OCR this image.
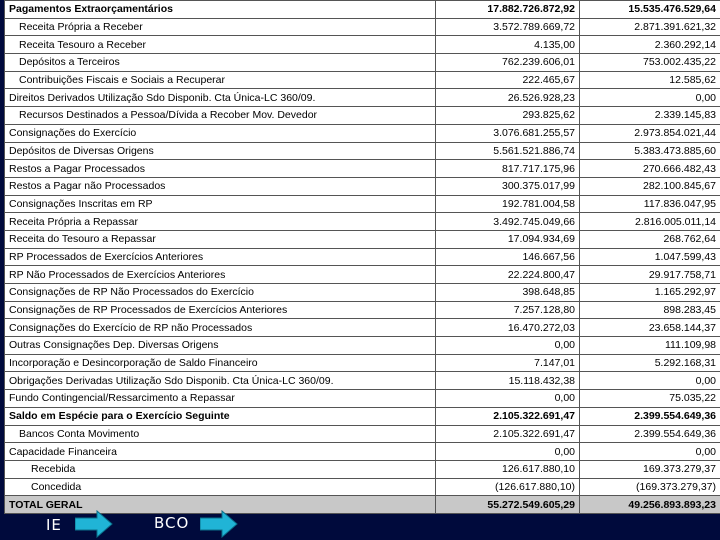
Pagamentos Extraorçamentários	17.882.726.872,92	15.535.476.529,64
Receita Própria a Receber	3.572.789.669,72	2.871.391.621,32
Receita Tesouro a Receber	4.135,00	2.360.292,14
Depósitos a Terceiros	762.239.606,01	753.002.435,22
Contribuições Fiscais e Sociais a Recuperar	222.465,67	12.585,62
Direitos Derivados Utilização Sdo Disponib. Cta Única-LC 360/09.	26.526.928,23	0,00
Recursos Destinados a Pessoa/Dívida a Recober Mov. Devedor	293.825,62	2.339.145,83
Consignações do Exercício	3.076.681.255,57	2.973.854.021,44
Depósitos de Diversas Origens	5.561.521.886,74	5.383.473.885,60
Restos a Pagar Processados	817.717.175,96	270.666.482,43
Restos a Pagar não Processados	300.375.017,99	282.100.845,67
Consignações Inscritas em RP	192.781.004,58	117.836.047,95
Receita Própria a Repassar	3.492.745.049,66	2.816.005.011,14
Receita do Tesouro a Repassar	17.094.934,69	268.762,64
RP Processados de Exercícios Anteriores	146.667,56	1.047.599,43
RP Não Processados de Exercícios Anteriores	22.224.800,47	29.917.758,71
Consignações de RP Não Processados do Exercício	398.648,85	1.165.292,97
Consignações de RP Processados de Exercícios Anteriores	7.257.128,80	898.283,45
Consignações do Exercício de RP não Processados	16.470.272,03	23.658.144,37
Outras Consignações Dep. Diversas Origens	0,00	111.109,98
Incorporação e Desincorporação de Saldo Financeiro	7.147,01	5.292.168,31
Obrigações Derivadas Utilização Sdo Disponib. Cta Única-LC 360/09.	15.118.432,38	0,00
Fundo Contingencial/Ressarcimento a Repassar	0,00	75.035,22
Saldo em Espécie para o Exercício Seguinte	2.105.322.691,47	2.399.554.649,36
Bancos Conta Movimento	2.105.322.691,47	2.399.554.649,36
Capacidade Financeira	0,00	0,00
Recebida	126.617.880,10	169.373.279,37
Concedida	(126.617.880,10)	(169.373.279,37)
TOTAL GERAL	55.272.549.605,29	49.256.893.893,23
IE	BCO
